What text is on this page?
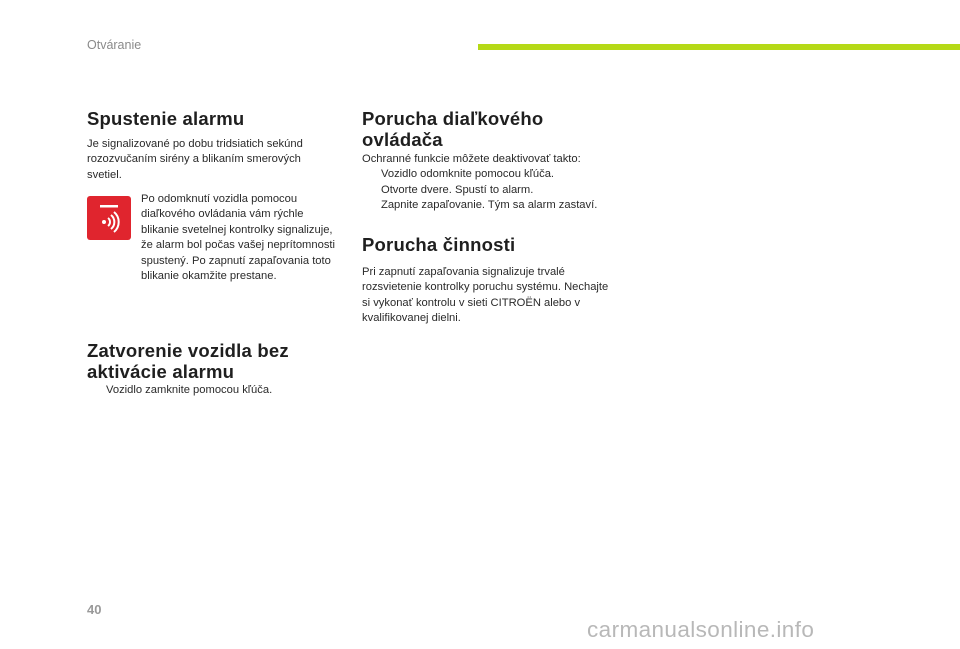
Otváranie
Spustenie alarmu

Je signalizované po dobu tridsiatich sekúnd rozozvučaním sirény a blikaním smerových svetiel.

Po odomknutí vozidla pomocou diaľkového ovládania vám rýchle blikanie svetelnej kontrolky signalizuje, že alarm bol počas vašej neprítomnosti spustený. Po zapnutí zapaľovania toto blikanie okamžite prestane.

Zatvorenie vozidla bez
aktivácie alarmu
Vozidlo zamknite pomocou kľúča.
Porucha diaľkového
ovládača

Ochranné funkcie môžete deaktivovať takto:

Vozidlo odomknite pomocou kľúča.
Otvorte dvere. Spustí to alarm.
Zapnite zapaľovanie. Tým sa alarm zastaví.
Porucha činnosti

Pri zapnutí zapaľovania signalizuje trvalé rozsvietenie kontrolky poruchu systému. Nechajte si vykonať kontrolu v sieti CITROËN alebo v kvalifikovanej dielni.

40
carmanualsonline.info
